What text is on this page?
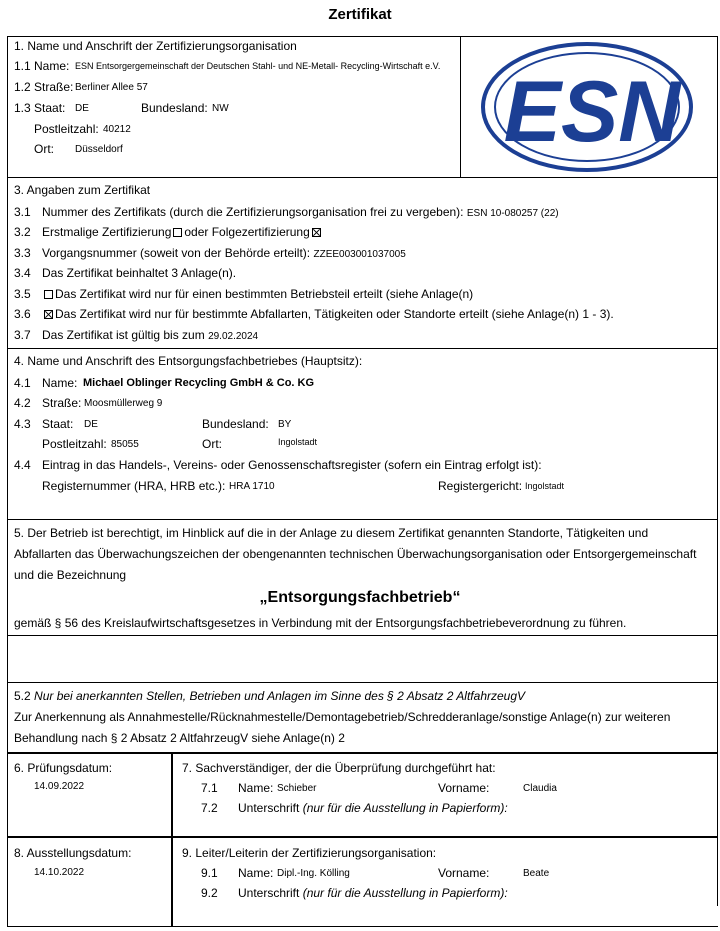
Zertifikat
1. Name und Anschrift der Zertifizierungsorganisation
1.1 Name: ESN Entsorgergemeinschaft der Deutschen Stahl- und NE-Metall- Recycling-Wirtschaft e.V.
1.2 Straße: Berliner Allee 57
1.3 Staat: DE	Bundesland: NW
Postleitzahl: 40212
Ort: Düsseldorf	ESN
3. Angaben zum Zertifikat
3.1 Nummer des Zertifikats (durch die Zertifizierungsorganisation frei zu vergeben): ESN 10-080257 (22)
3.2 Erstmalige Zertifizierung oder Folgezertifizierung
3.3 Vorgangsnummer (soweit von der Behörde erteilt): ZZEE003001037005
3.4 Das Zertifikat beinhaltet 3 Anlage(n).
3.5	Das Zertifikat wird nur für einen bestimmten Betriebsteil erteilt (siehe Anlage(n)
3.6	Das Zertifikat wird nur für bestimmte Abfallarten, Tätigkeiten oder Standorte erteilt (siehe Anlage(n) 1 - 3).
3.7 Das Zertifikat ist gültig bis zum 29.02.2024
4. Name und Anschrift des Entsorgungsfachbetriebes (Hauptsitz):
4.1 Name: Michael Oblinger Recycling GmbH & Co. KG
4.2 Straße: Moosmüllerweg 9
4.3 Staat: DE	Bundesland: BY
Postleitzahl: 85055	Ort:	Ingolstadt
4.4 Eintrag in das Handels-, Vereins- oder Genossenschaftsregister (sofern ein Eintrag erfolgt ist):
Registernummer (HRA, HRB etc.): HRA 1710	Registergericht: Ingolstadt
5. Der Betrieb ist berechtigt, im Hinblick auf die in der Anlage zu diesem Zertifikat genannten Standorte, Tätigkeiten und
Abfallarten das Überwachungszeichen der obengenannten technischen Überwachungsorganisation oder Entsorgergemeinschaft
und die Bezeichnung
„Entsorgungsfachbetrieb“
gemäß § 56 des Kreislaufwirtschaftsgesetzes in Verbindung mit der Entsorgungsfachbetriebeverordnung zu führen.
5.2 Nur bei anerkannten Stellen, Betrieben und Anlagen im Sinne des § 2 Absatz 2 AltfahrzeugV
Zur Anerkennung als Annahmestelle/Rücknahmestelle/Demontagebetrieb/Schredderanlage/sonstige Anlage(n) zur weiteren
Behandlung nach § 2 Absatz 2 AltfahrzeugV siehe Anlage(n) 2
6. Prüfungsdatum:
14.09.2022
7. Sachverständiger, der die Überprüfung durchgeführt hat:
7.1 Name: Schieber	Vorname:	Claudia
7.2 Unterschrift (nur für die Ausstellung in Papierform):
8. Ausstellungsdatum:
14.10.2022
9. Leiter/Leiterin der Zertifizierungsorganisation:
9.1 Name: Dipl.-Ing. Kölling	Vorname:	Beate
9.2 Unterschrift (nur für die Ausstellung in Papierform):
